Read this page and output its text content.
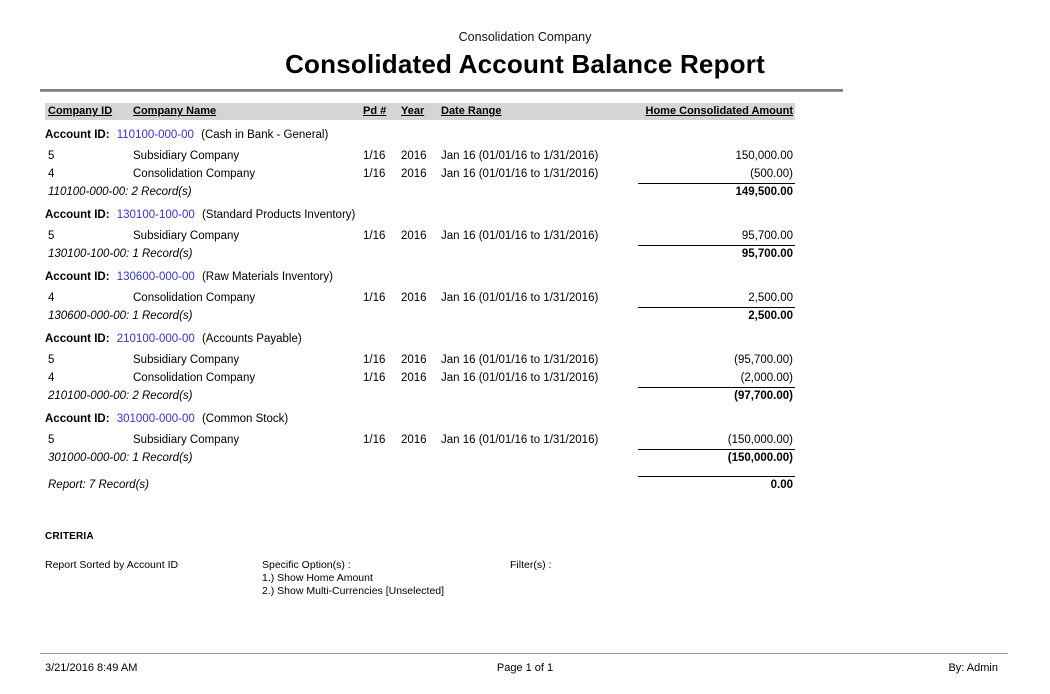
Consolidation Company
Consolidated Account Balance Report
Company ID	Company Name	Pd #	Year	Date Range	Home Consolidated Amount
Account ID: 110100-000-00 (Cash in Bank - General)
5	Subsidiary Company	1/16	2016	Jan 16 (01/01/16 to 1/31/2016)	150,000.00
4	Consolidation Company	1/16	2016	Jan 16 (01/01/16 to 1/31/2016)	(500.00)
110100-000-00: 2 Record(s)	149,500.00
Account ID: 130100-100-00 (Standard Products Inventory)
5	Subsidiary Company	1/16	2016	Jan 16 (01/01/16 to 1/31/2016)	95,700.00
130100-100-00: 1 Record(s)	95,700.00
Account ID: 130600-000-00 (Raw Materials Inventory)
4	Consolidation Company	1/16	2016	Jan 16 (01/01/16 to 1/31/2016)	2,500.00
130600-000-00: 1 Record(s)	2,500.00
Account ID: 210100-000-00 (Accounts Payable)
5	Subsidiary Company	1/16	2016	Jan 16 (01/01/16 to 1/31/2016)	(95,700.00)
4	Consolidation Company	1/16	2016	Jan 16 (01/01/16 to 1/31/2016)	(2,000.00)
210100-000-00: 2 Record(s)	(97,700.00)
Account ID: 301000-000-00 (Common Stock)
5	Subsidiary Company	1/16	2016	Jan 16 (01/01/16 to 1/31/2016)	(150,000.00)
301000-000-00: 1 Record(s)	(150,000.00)
Report: 7 Record(s)	0.00
CRITERIA
Report Sorted by Account ID	Specific Option(s) :
1.) Show Home Amount
2.) Show Multi-Currencies [Unselected]
Filter(s) :
3/21/2016 8:49 AM	Page 1 of 1	By: Admin
